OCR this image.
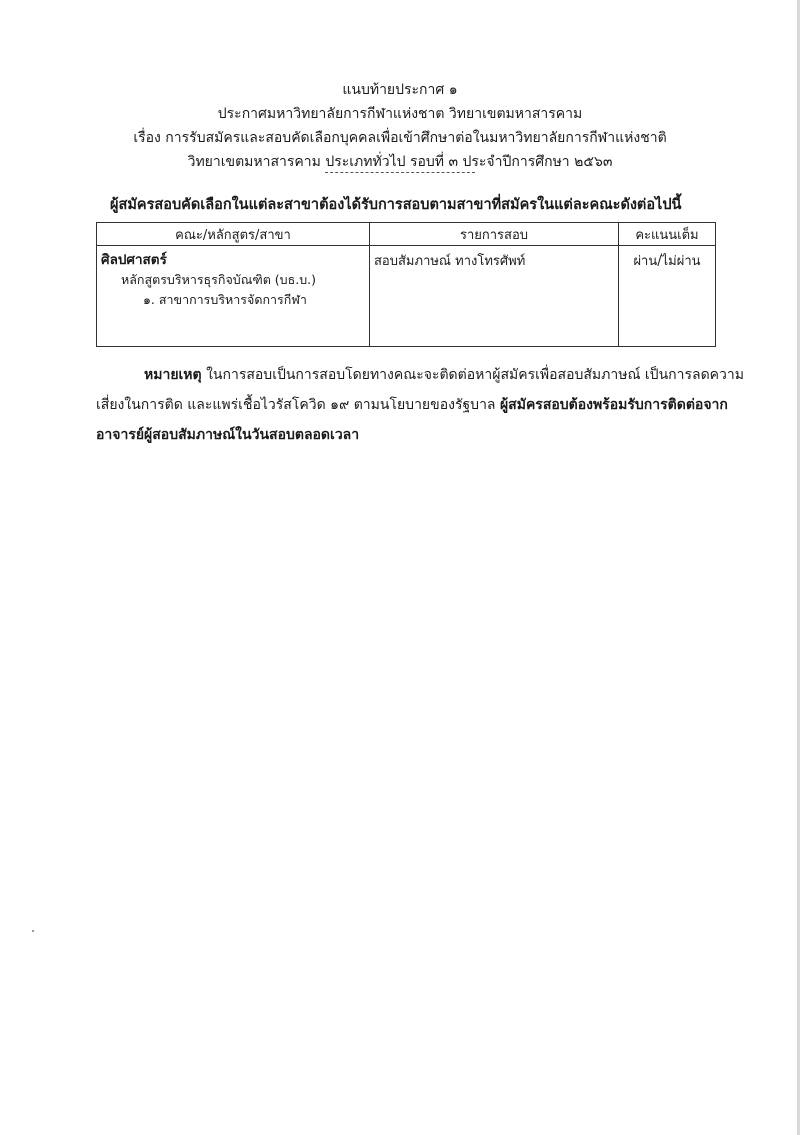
แนบท้ายประกาศ ๑
ประกาศมหาวิทยาลัยการกีฬาแห่งชาต วิทยาเขตมหาสารคาม
เรื่อง การรับสมัครและสอบคัดเลือกบุคคลเพื่อเข้าศึกษาต่อในมหาวิทยาลัยการกีฬาแห่งชาติ
วิทยาเขตมหาสารคาม ประเภททั่วไป รอบที่ ๓ ประจำปีการศึกษา ๒๕๖๓
ผู้สมัครสอบคัดเลือกในแต่ละสาขาต้องได้รับการสอบตามสาขาที่สมัครในแต่ละคณะดังต่อไปนี้
คณะ/หลักสูตร/สาขา	รายการสอบ	คะแนนเต็ม

ศิลปศาสตร์
หลักสูตรบริหารธุรกิจบัณฑิต (บธ.บ.)
๑. สาขาการบริหารจัดการกีฬา	สอบสัมภาษณ์ ทางโทรศัพท์	ผ่าน/ไม่ผ่าน

หมายเหตุ ในการสอบเป็นการสอบโดยทางคณะจะติดต่อหาผู้สมัครเพื่อสอบสัมภาษณ์ เป็นการลดความ

เสี่ยงในการติด และแพร่เชื้อไวรัสโควิด ๑๙ ตามนโยบายของรัฐบาล ผู้สมัครสอบต้องพร้อมรับการติดต่อจาก

อาจารย์ผู้สอบสัมภาษณ์ในวันสอบตลอดเวลา
